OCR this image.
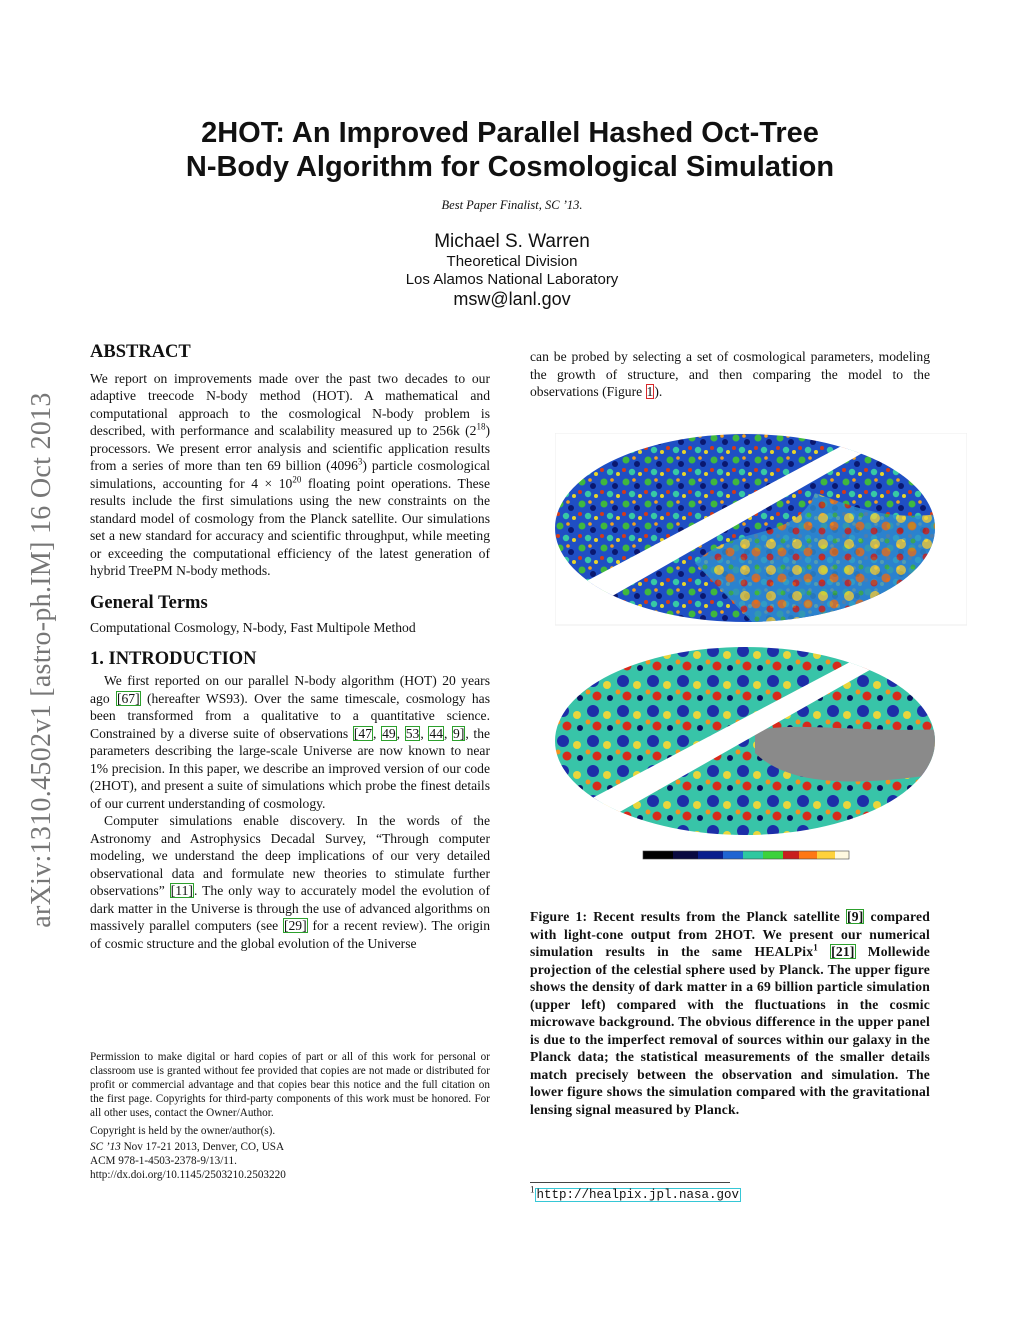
2HOT: An Improved Parallel Hashed Oct-Tree
N-Body Algorithm for Cosmological Simulation
Best Paper Finalist, SC ’13.
Michael S. Warren
Theoretical Division
Los Alamos National Laboratory
msw@lanl.gov
arXiv:1310.4502v1 [astro-ph.IM] 16 Oct 2013
ABSTRACT

We report on improvements made over the past two decades to our adaptive treecode N-body method (HOT). A mathematical and computational approach to the cosmological N-body problem is described, with performance and scalability measured up to 256k $(2^{18})$ processors. We present error analysis and scientific application results from a series of more than ten 69 billion (4096$^3$) particle cosmological simulations, accounting for $4 \times 10^{20}$ floating point operations. These results include the first simulations using the new constraints on the standard model of cosmology from the Planck satellite. Our simulations set a new standard for accuracy and scientific throughput, while meeting or exceeding the computational efficiency of the latest generation of hybrid TreePM N-body methods.

General Terms

Computational Cosmology, N-body, Fast Multipole Method

1. INTRODUCTION

We first reported on our parallel N-body algorithm (HOT) 20 years ago [67] (hereafter WS93). Over the same timescale, cosmology has been transformed from a qualitative to a quantitative science. Constrained by a diverse suite of observations [47, 49, 53, 44, 9], the parameters describing the large-scale Universe are now known to near 1% precision. In this paper, we describe an improved version of our code (2HOT), and present a suite of simulations which probe the finest details of our current understanding of cosmology.

Computer simulations enable discovery. In the words of the Astronomy and Astrophysics Decadal Survey, “Through computer modeling, we understand the deep implications of our very detailed observational data and formulate new theories to stimulate further observations” [11]. The only way to accurately model the evolution of dark matter in the Universe is through the use of advanced algorithms on massively parallel computers (see [29] for a recent review). The origin of cosmic structure and the global evolution of the Universe

Permission to make digital or hard copies of part or all of this work for personal or classroom use is granted without fee provided that copies are not made or distributed for profit or commercial advantage and that copies bear this notice and the full citation on the first page. Copyrights for third-party components of this work must be honored. For all other uses, contact the Owner/Author.

Copyright is held by the owner/author(s).

SC ’13 Nov 17-21 2013, Denver, CO, USA

ACM 978-1-4503-2378-9/13/11.

http://dx.doi.org/10.1145/2503210.2503220

can be probed by selecting a set of cosmological parameters, modeling the growth of structure, and then comparing the model to the observations (Figure 1).

Figure 1: Recent results from the Planck satellite [9] compared with light-cone output from 2HOT. We present our numerical simulation results in the same HEALPix$^1$ [21] Mollewide projection of the celestial sphere used by Planck. The upper figure shows the density of dark matter in a 69 billion particle simulation (upper left) compared with the fluctuations in the cosmic microwave background. The obvious difference in the upper panel is due to the imperfect removal of sources within our galaxy in the Planck data; the statistical measurements of the smaller details match precisely between the observation and simulation. The lower figure shows the simulation compared with the gravitational lensing signal measured by Planck.
$^1$ http://healpix.jpl.nasa.gov
